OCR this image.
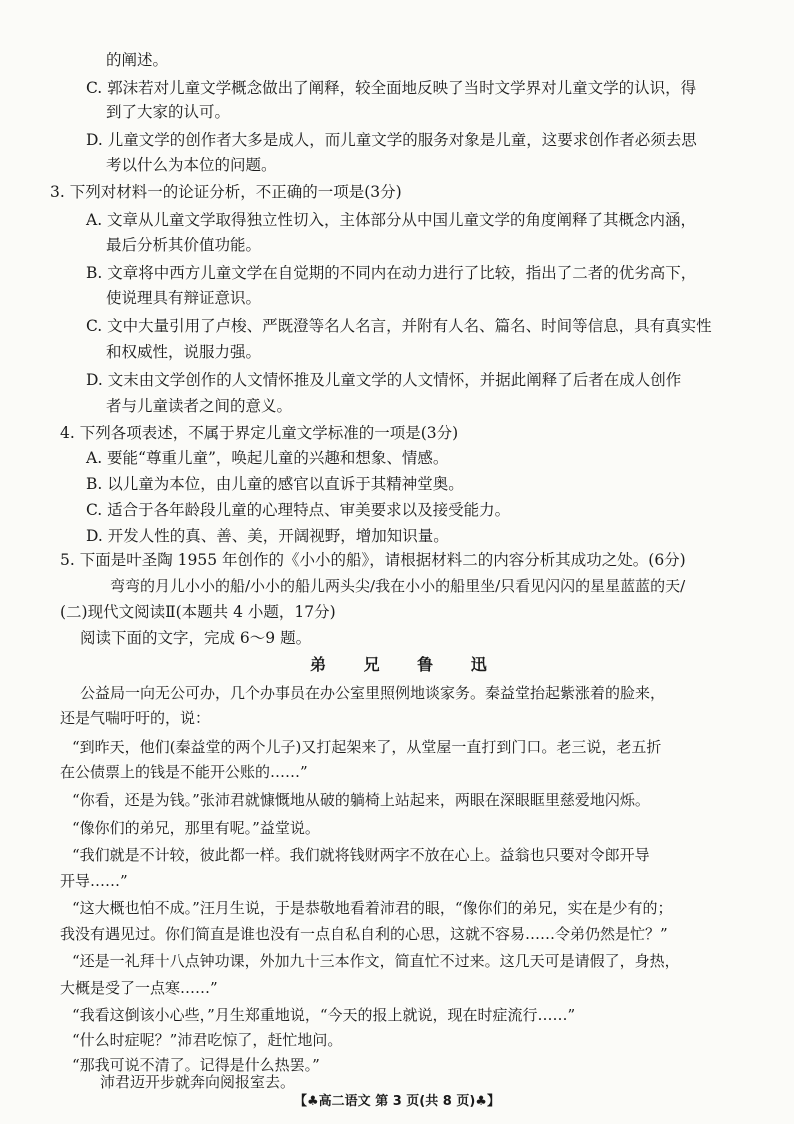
的阐述。
C. 郭沫若对儿童文学概念做出了阐释，较全面地反映了当时文学界对儿童文学的认识，得
到了大家的认可。
D. 儿童文学的创作者大多是成人，而儿童文学的服务对象是儿童，这要求创作者必须去思
考以什么为本位的问题。
3. 下列对材料一的论证分析，不正确的一项是(3分)
A. 文章从儿童文学取得独立性切入，主体部分从中国儿童文学的角度阐释了其概念内涵，
最后分析其价值功能。
B. 文章将中西方儿童文学在自觉期的不同内在动力进行了比较，指出了二者的优劣高下，
使说理具有辩证意识。
C. 文中大量引用了卢梭、严既澄等名人名言，并附有人名、篇名、时间等信息，具有真实性
和权威性，说服力强。
D. 文末由文学创作的人文情怀推及儿童文学的人文情怀，并据此阐释了后者在成人创作
者与儿童读者之间的意义。
4. 下列各项表述，不属于界定儿童文学标准的一项是(3分)
A. 要能“尊重儿童”，唤起儿童的兴趣和想象、情感。
B. 以儿童为本位，由儿童的感官以直诉于其精神堂奥。
C. 适合于各年龄段儿童的心理特点、审美要求以及接受能力。
D. 开发人性的真、善、美，开阔视野，增加知识量。
5. 下面是叶圣陶 1955 年创作的《小小的船》，请根据材料二的内容分析其成功之处。(6分)
弯弯的月儿小小的船/小小的船儿两头尖/我在小小的船里坐/只看见闪闪的星星蓝蓝的天/
(二)现代文阅读Ⅱ(本题共 4 小题，17分)
阅读下面的文字，完成 6～9 题。
弟 兄 鲁 迅
公益局一向无公可办，几个办事员在办公室里照例地谈家务。秦益堂抬起紫涨着的脸来，
还是气喘吁吁的，说：
“到昨天，他们(秦益堂的两个儿子)又打起架来了，从堂屋一直打到门口。老三说，老五折
在公债票上的钱是不能开公账的……”
“你看，还是为钱。”张沛君就慷慨地从破的躺椅上站起来，两眼在深眼眶里慈爱地闪烁。
“像你们的弟兄，那里有呢。”益堂说。
“我们就是不计较，彼此都一样。我们就将钱财两字不放在心上。益翁也只要对令郎开导
开导……”
“这大概也怕不成。”汪月生说，于是恭敬地看着沛君的眼，“像你们的弟兄，实在是少有的；
我没有遇见过。你们简直是谁也没有一点自私自利的心思，这就不容易……令弟仍然是忙？”
“还是一礼拜十八点钟功课，外加九十三本作文，简直忙不过来。这几天可是请假了，身热，
大概是受了一点寒……”
“我看这倒该小心些，”月生郑重地说，“今天的报上就说，现在时症流行……”
“什么时症呢？”沛君吃惊了，赶忙地问。
“那我可说不清了。记得是什么热罢。”
沛君迈开步就奔向阅报室去。
【♣高二语文 第 3 页(共 8 页)♣】
